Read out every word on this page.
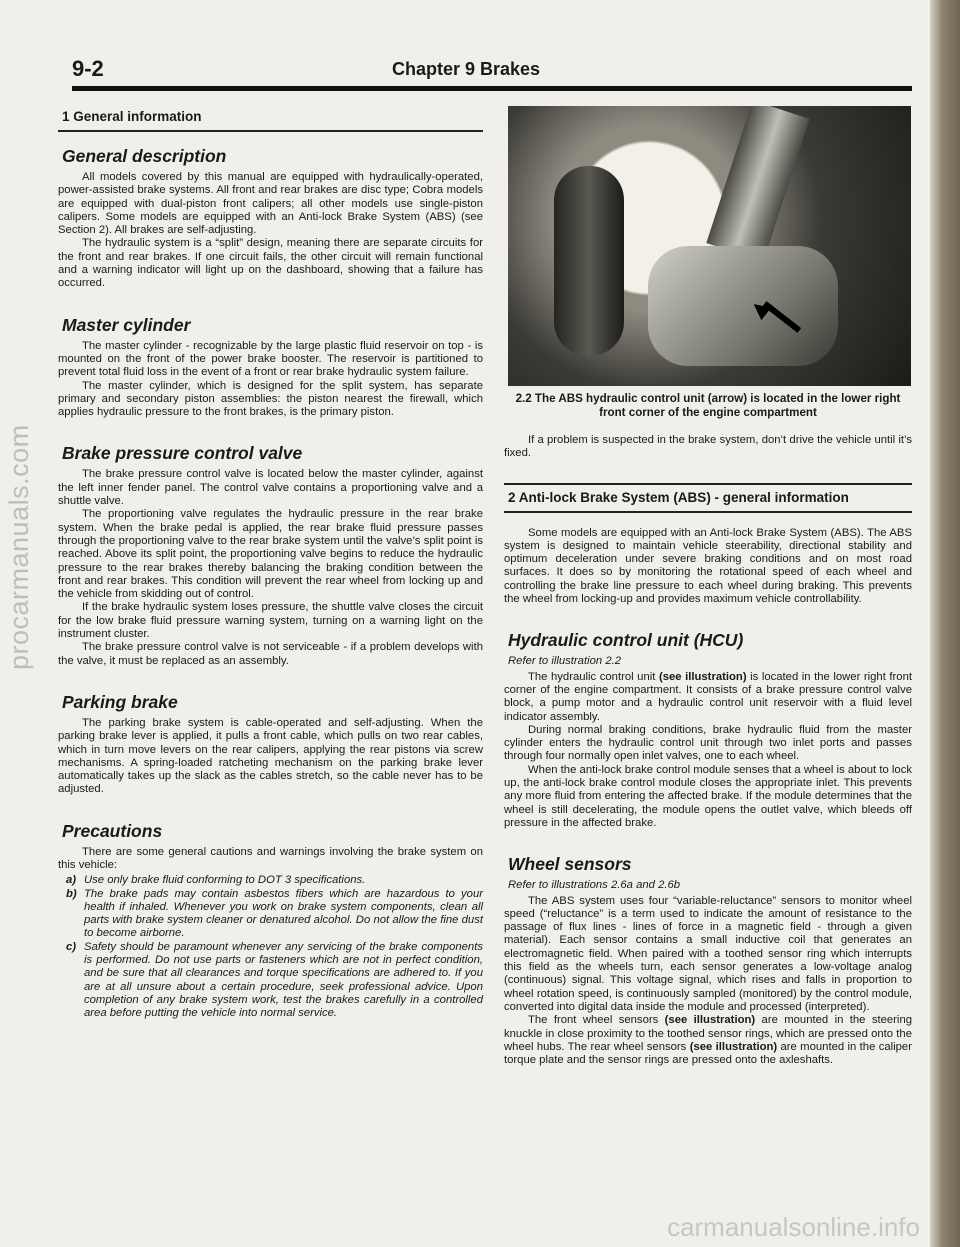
procarmanuals.com
carmanualsonline.info
9-2	Chapter 9 Brakes
1 General information
General description

All models covered by this manual are equipped with hydraulically-operated, power-assisted brake systems. All front and rear brakes are disc type; Cobra models are equipped with dual-piston front calipers; all other models use single-piston calipers. Some models are equipped with an Anti-lock Brake System (ABS) (see Section 2). All brakes are self-adjusting.

The hydraulic system is a “split” design, meaning there are separate circuits for the front and rear brakes. If one circuit fails, the other circuit will remain functional and a warning indicator will light up on the dashboard, showing that a failure has occurred.

Master cylinder

The master cylinder - recognizable by the large plastic fluid reservoir on top - is mounted on the front of the power brake booster. The reservoir is partitioned to prevent total fluid loss in the event of a front or rear brake hydraulic system failure.

The master cylinder, which is designed for the split system, has separate primary and secondary piston assemblies: the piston nearest the firewall, which applies hydraulic pressure to the front brakes, is the primary piston.

Brake pressure control valve

The brake pressure control valve is located below the master cylinder, against the left inner fender panel. The control valve contains a proportioning valve and a shuttle valve.

The proportioning valve regulates the hydraulic pressure in the rear brake system. When the brake pedal is applied, the rear brake fluid pressure passes through the proportioning valve to the rear brake system until the valve’s split point is reached. Above its split point, the proportioning valve begins to reduce the hydraulic pressure to the rear brakes thereby balancing the braking condition between the front and rear brakes. This condition will prevent the rear wheel from locking up and the vehicle from skidding out of control.

If the brake hydraulic system loses pressure, the shuttle valve closes the circuit for the low brake fluid pressure warning system, turning on a warning light on the instrument cluster.

The brake pressure control valve is not serviceable - if a problem develops with the valve, it must be replaced as an assembly.

Parking brake

The parking brake system is cable-operated and self-adjusting. When the parking brake lever is applied, it pulls a front cable, which pulls on two rear cables, which in turn move levers on the rear calipers, applying the rear pistons via screw mechanisms. A spring-loaded ratcheting mechanism on the parking brake lever automatically takes up the slack as the cables stretch, so the cable never has to be adjusted.

Precautions

There are some general cautions and warnings involving the brake system on this vehicle:

a) Use only brake fluid conforming to DOT 3 specifications.
b) The brake pads may contain asbestos fibers which are hazardous to your health if inhaled. Whenever you work on brake system components, clean all parts with brake system cleaner or denatured alcohol. Do not allow the fine dust to become airborne.
c) Safety should be paramount whenever any servicing of the brake components is performed. Do not use parts or fasteners which are not in perfect condition, and be sure that all clearances and torque specifications are adhered to. If you are at all unsure about a certain procedure, seek professional advice. Upon completion of any brake system work, test the brakes carefully in a controlled area before putting the vehicle into normal service.
2.2 The ABS hydraulic control unit (arrow) is located in the lower right front corner of the engine compartment

If a problem is suspected in the brake system, don’t drive the vehicle until it’s fixed.

2 Anti-lock Brake System (ABS) - general information

Some models are equipped with an Anti-lock Brake System (ABS). The ABS system is designed to maintain vehicle steerability, directional stability and optimum deceleration under severe braking conditions and on most road surfaces. It does so by monitoring the rotational speed of each wheel and controlling the brake line pressure to each wheel during braking. This prevents the wheel from locking-up and provides maximum vehicle controllability.

Hydraulic control unit (HCU)
Refer to illustration 2.2

The hydraulic control unit (see illustration) is located in the lower right front corner of the engine compartment. It consists of a brake pressure control valve block, a pump motor and a hydraulic control unit reservoir with a fluid level indicator assembly.

During normal braking conditions, brake hydraulic fluid from the master cylinder enters the hydraulic control unit through two inlet ports and passes through four normally open inlet valves, one to each wheel.

When the anti-lock brake control module senses that a wheel is about to lock up, the anti-lock brake control module closes the appropriate inlet. This prevents any more fluid from entering the affected brake. If the module determines that the wheel is still decelerating, the module opens the outlet valve, which bleeds off pressure in the affected brake.

Wheel sensors
Refer to illustrations 2.6a and 2.6b

The ABS system uses four “variable-reluctance” sensors to monitor wheel speed (“reluctance” is a term used to indicate the amount of resistance to the passage of flux lines - lines of force in a magnetic field - through a given material). Each sensor contains a small inductive coil that generates an electromagnetic field. When paired with a toothed sensor ring which interrupts this field as the wheels turn, each sensor generates a low-voltage analog (continuous) signal. This voltage signal, which rises and falls in proportion to wheel rotation speed, is continuously sampled (monitored) by the control module, converted into digital data inside the module and processed (interpreted).

The front wheel sensors (see illustration) are mounted in the steering knuckle in close proximity to the toothed sensor rings, which are pressed onto the wheel hubs. The rear wheel sensors (see illustration) are mounted in the caliper torque plate and the sensor rings are pressed onto the axleshafts.
